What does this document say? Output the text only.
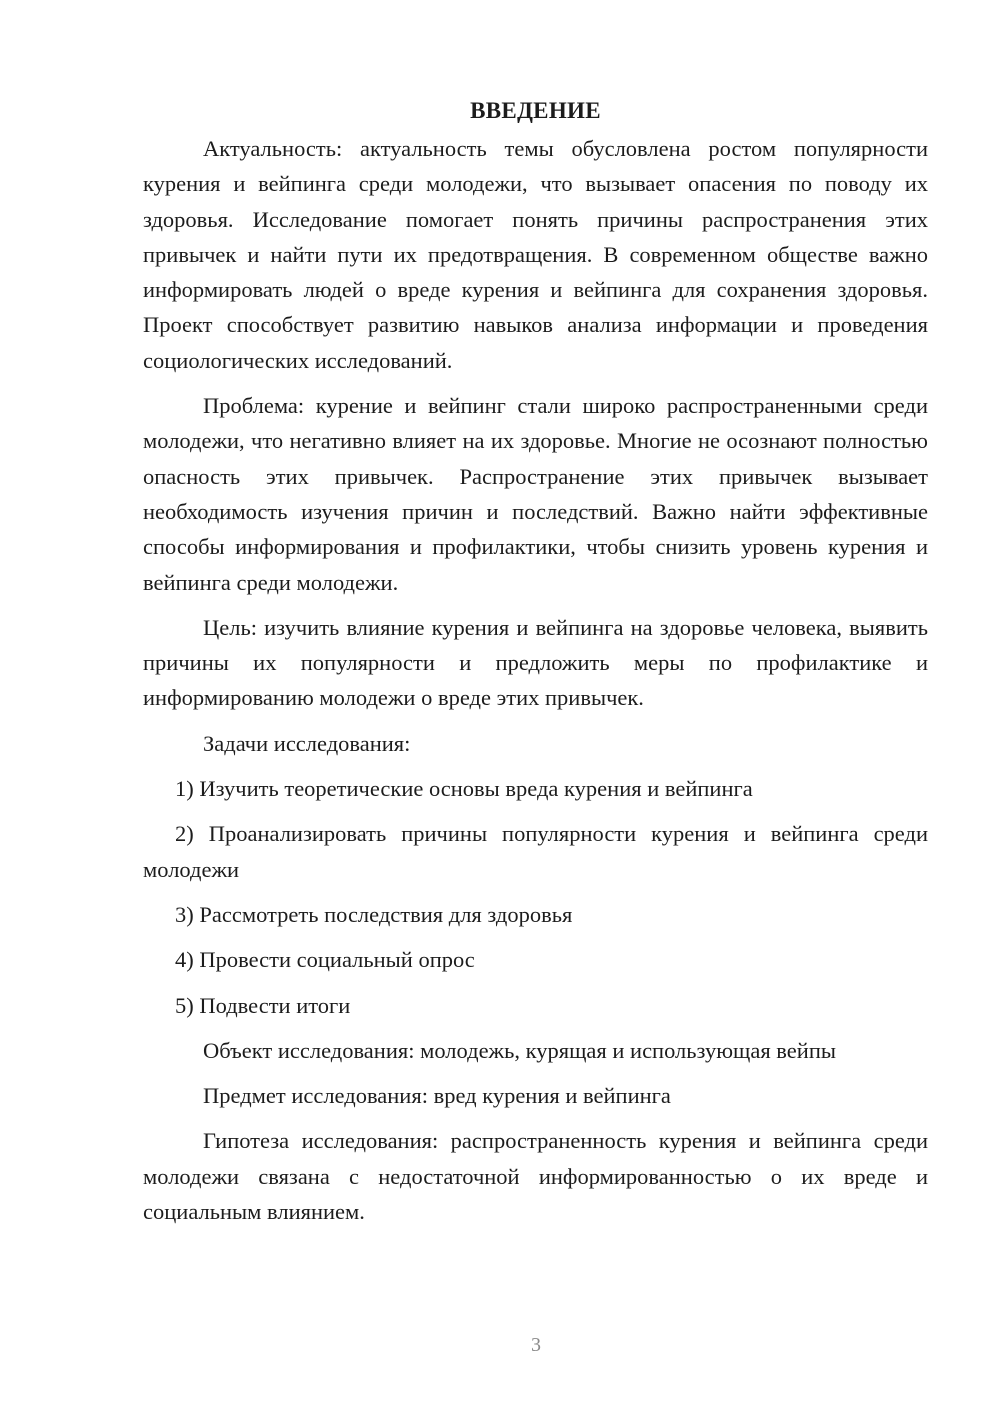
ВВЕДЕНИЕ

Актуальность: актуальность темы обусловлена ростом популярности курения и вейпинга среди молодежи, что вызывает опасения по поводу их здоровья. Исследование помогает понять причины распространения этих привычек и найти пути их предотвращения. В современном обществе важно информировать людей о вреде курения и вейпинга для сохранения здоровья. Проект способствует развитию навыков анализа информации и проведения социологических исследований.

Проблема: курение и вейпинг стали широко распространенными среди молодежи, что негативно влияет на их здоровье. Многие не осознают полностью опасность этих привычек. Распространение этих привычек вызывает необходимость изучения причин и последствий. Важно найти эффективные способы информирования и профилактики, чтобы снизить уровень курения и вейпинга среди молодежи.

Цель: изучить влияние курения и вейпинга на здоровье человека, выявить причины их популярности и предложить меры по профилактике и информированию молодежи о вреде этих привычек.

Задачи исследования:

1) Изучить теоретические основы вреда курения и вейпинга

2) Проанализировать причины популярности курения и вейпинга среди молодежи

3) Рассмотреть последствия для здоровья

4) Провести социальный опрос

5) Подвести итоги

Объект исследования: молодежь, курящая и использующая вейпы

Предмет исследования: вред курения и вейпинга

Гипотеза исследования: распространенность курения и вейпинга среди молодежи связана с недостаточной информированностью о их вреде и социальным влиянием.

3
